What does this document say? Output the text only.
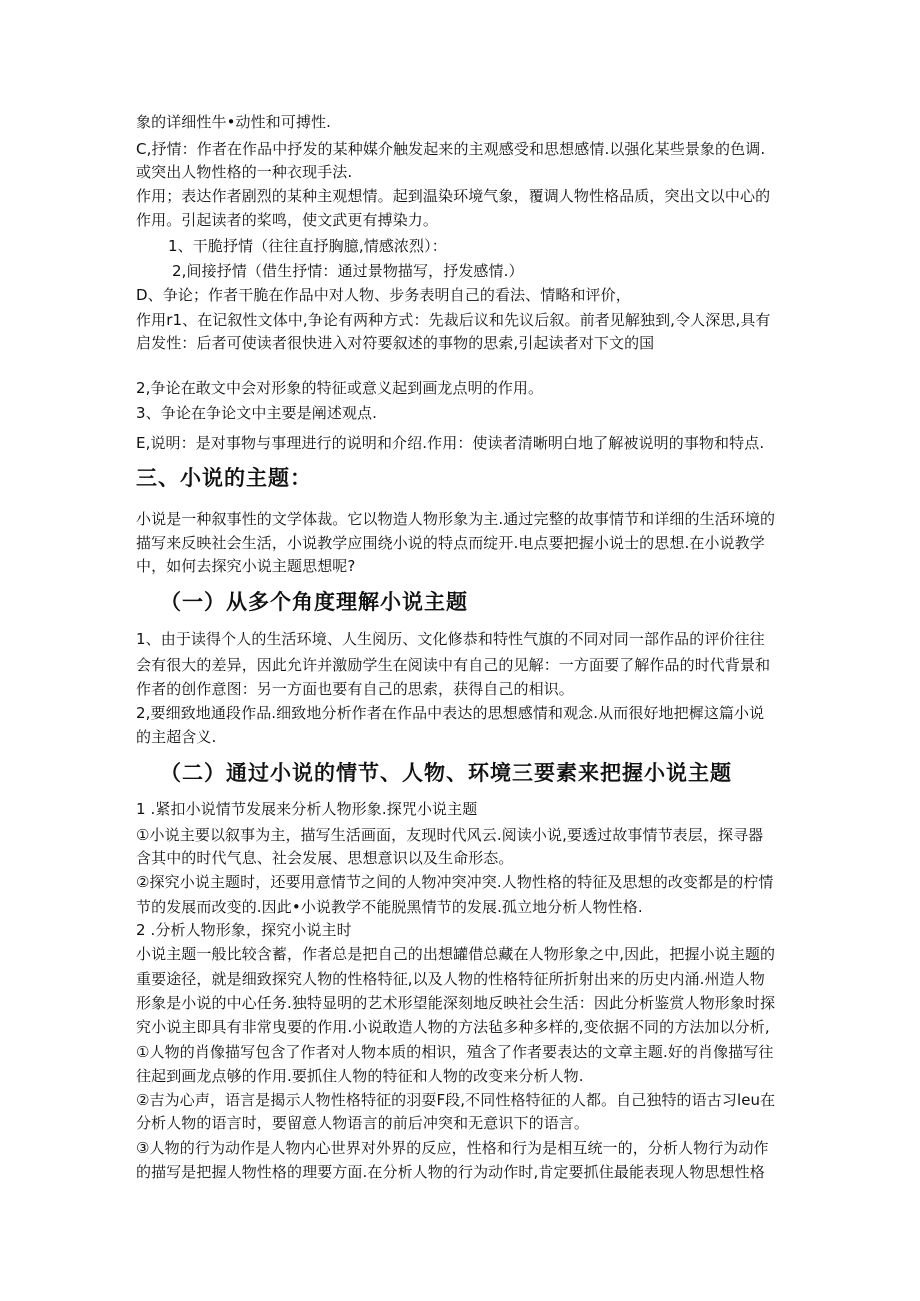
象的详细性牛•动性和可搏性.

C,抒情：作者在作品中抒发的某种媒介触发起来的主观感受和思想感情.以强化某些景象的色调.

或突出人物性格的一种衣现手法.

作用；表达作者剧烈的某种主观想情。起到温染环境气象，覆调人物性格品质，突出文以中心的

作用。引起读者的桨鸣，使文武更有搏染力。

1、干脆抒情（往往直抒胸臆,情感浓烈）：

2,间接抒情（借生抒情：通过景物描写，抒发感情.）

D、争论；作者干脆在作品中对人物、步务表明自己的看法、情略和评价，

作用r1、在记叙性文体中,争论有两种方式：先裁后议和先议后叙。前者见解独到,令人深思,具有

启发性：后者可使读者很快进入对符要叙述的事物的思索,引起读者对下文的国

2,争论在敢文中会对形象的特征或意义起到画龙点明的作用。

3、争论在争论文中主要是阐述观点.

E,说明：是对事物与事理进行的说明和介绍.作用：使读者清晰明白地了解被说明的事物和特点.

三、小说的主题：

小说是一种叙事性的文学体裁。它以物造人物形象为主.通过完整的故事情节和详细的生活环境的

描写来反映社会生活，小说教学应围绕小说的特点而绽开.电点要把握小说士的思想.在小说教学

中，如何去探究小说主题思想呢?

（一）从多个角度理解小说主题

1、由于读得个人的生活环境、人生阅历、文化修恭和特性气旗的不同对同一部作品的评价往往

会有很大的差异，因此允许并激励学生在阅读中有自己的见解：一方面要了解作品的时代背景和

作者的创作意图：另一方面也要有自己的思索，获得自己的相识。

2,要细致地通段作品.细致地分析作者在作品中表达的思想感情和观念.从而很好地把樨这篇小说

的主超含义.

（二）通过小说的情节、人物、环境三要素来把握小说主题

1 .紧扣小说情节发展来分析人物形象.探咒小说主题

①小说主要以叙事为主，描写生活画面，友现时代风云.阅读小说,要透过故事情节表层，探寻器

含其中的时代气息、社会发展、思想意识以及生命形态。

②探究小说主题时，还要用意情节之间的人物冲突冲突.人物性格的特征及思想的改变都是的柠情

节的发展而改变的.因此•小说教学不能脱黑情节的发展.孤立地分析人物性格.

2 .分析人物形象，探究小说主时

小说主题一般比较含蓄，作者总是把自己的出想罐借总藏在人物形象之中,因此，把握小说主题的

重要途径，就是细致探究人物的性格特征,以及人物的性格特征所折射出来的历史内涌.州造人物

形象是小说的中心任务.独特显明的艺术形望能深刻地反映社会生活：因此分析鉴赏人物形象时探

究小说主即具有非常曳要的作用.小说敢造人物的方法毡多种多样的,变依据不同的方法加以分析,

①人物的肖像描写包含了作者对人物本质的相识，殖含了作者要表达的文章主题.好的肖像描写往

往起到画龙点够的作用.要抓住人物的特征和人物的改变来分析人物.

②吉为心声，语言是揭示人物性格特征的羽耍F段,不同性格特征的人都。自己独特的语古习leu在

分析人物的语言时，要留意人物语言的前后冲突和无意识下的语言。

③人物的行为动作是人物内心世界对外界的反应，性格和行为是相互统一的，分析人物行为动作

的描写是把握人物性格的理要方面.在分析人物的行为动作时,肯定要抓住最能表现人物思想性格
